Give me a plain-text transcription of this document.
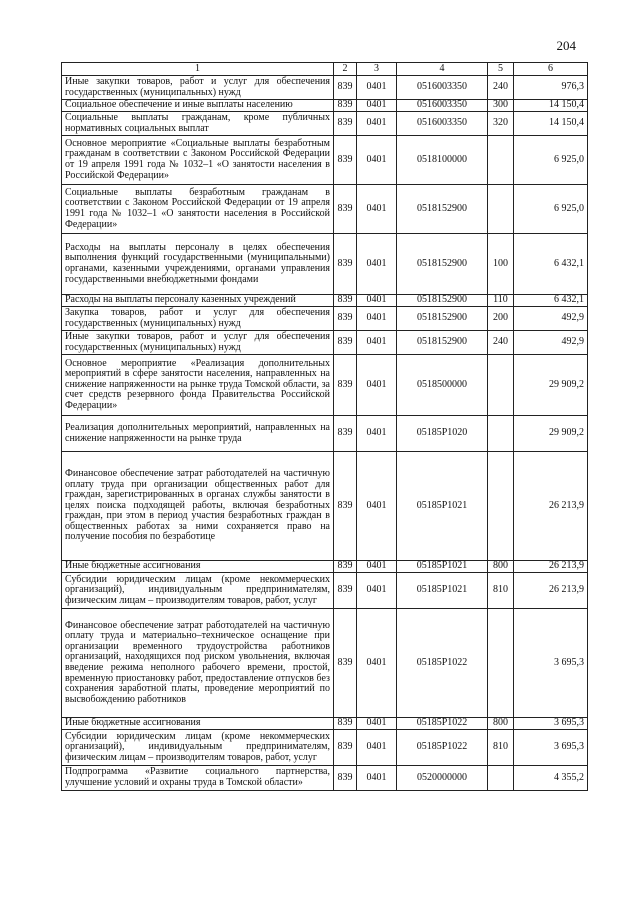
204
1	2	3	4	5	6
Иные закупки товаров, работ и услуг для обеспечения государственных (муниципальных) нужд	839	0401	0516003350	240	976,3
Социальное обеспечение и иные выплаты населению	839	0401	0516003350	300	14 150,4
Социальные выплаты гражданам, кроме публичных нормативных социальных выплат	839	0401	0516003350	320	14 150,4
Основное мероприятие «Социальные выплаты безработным гражданам в соответствии с Законом Российской Федерации от 19 апреля 1991 года № 1032–1 «О занятости населения в Российской Федерации»	839	0401	0518100000		6 925,0
Социальные выплаты безработным гражданам в соответствии с Законом Российской Федерации от 19 апреля 1991 года № 1032–1 «О занятости населения в Российской Федерации»	839	0401	0518152900		6 925,0
Расходы на выплаты персоналу в целях обеспечения выполнения функций государственными (муниципальными) органами, казенными учреждениями, органами управления государственными внебюджетными фондами	839	0401	0518152900	100	6 432,1
Расходы на выплаты персоналу казенных учреждений	839	0401	0518152900	110	6 432,1
Закупка товаров, работ и услуг для обеспечения государственных (муниципальных) нужд	839	0401	0518152900	200	492,9
Иные закупки товаров, работ и услуг для обеспечения государственных (муниципальных) нужд	839	0401	0518152900	240	492,9
Основное мероприятие «Реализация дополнительных мероприятий в сфере занятости населения, направленных на снижение напряженности на рынке труда Томской области, за счет средств резервного фонда Правительства Российской Федерации»	839	0401	0518500000		29 909,2
Реализация дополнительных мероприятий, направленных на снижение напряженности на рынке труда	839	0401	05185Р1020		29 909,2
Финансовое обеспечение затрат работодателей на частичную оплату труда при организации общественных работ для граждан, зарегистрированных в органах службы занятости в целях поиска подходящей работы, включая безработных граждан, при этом в период участия безработных граждан в общественных работах за ними сохраняется право на получение пособия по безработице	839	0401	05185Р1021		26 213,9
Иные бюджетные ассигнования	839	0401	05185Р1021	800	26 213,9
Субсидии юридическим лицам (кроме некоммерческих организаций), индивидуальным предпринимателям, физическим лицам – производителям товаров, работ, услуг	839	0401	05185Р1021	810	26 213,9
Финансовое обеспечение затрат работодателей на частичную оплату труда и материально–техническое оснащение при организации временного трудоустройства работников организаций, находящихся под риском увольнения, включая введение режима неполного рабочего времени, простой, временную приостановку работ, предоставление отпусков без сохранения заработной платы, проведение мероприятий по высвобождению работников	839	0401	05185Р1022		3 695,3
Иные бюджетные ассигнования	839	0401	05185Р1022	800	3 695,3
Субсидии юридическим лицам (кроме некоммерческих организаций), индивидуальным предпринимателям, физическим лицам – производителям товаров, работ, услуг	839	0401	05185Р1022	810	3 695,3
Подпрограмма «Развитие социального партнерства, улучшение условий и охраны труда в Томской области»	839	0401	0520000000		4 355,2
